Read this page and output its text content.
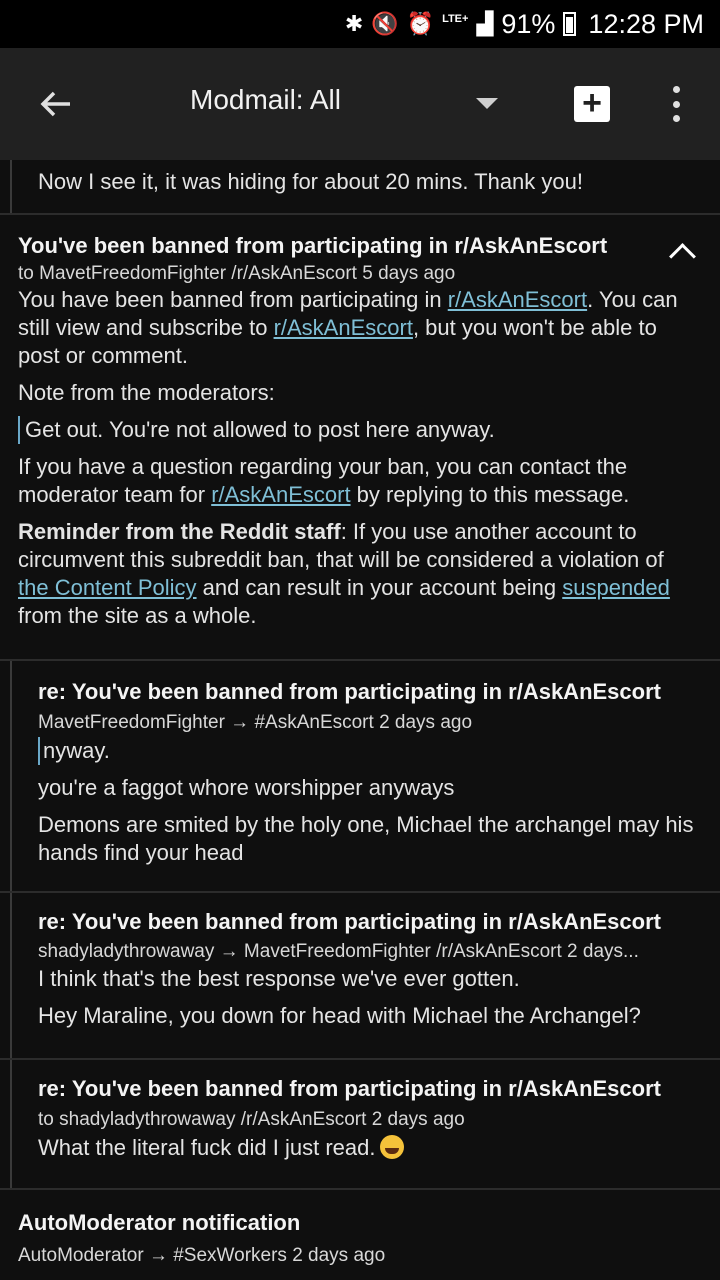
✱ 🔇 ⏰ LTE+ ▟ 91% 12:28 PM
Modmail: All	+
Now I see it, it was hiding for about 20 mins. Thank you!
You've been banned from participating in r/AskAnEscort
to MavetFreedomFighter /r/AskAnEscort 5 days ago
You have been banned from participating in r/AskAnEscort. You can still view and subscribe to r/AskAnEscort, but you won't be able to post or comment.
Note from the moderators:
Get out. You're not allowed to post here anyway.
If you have a question regarding your ban, you can contact the moderator team for r/AskAnEscort by replying to this message.
Reminder from the Reddit staff: If you use another account to circumvent this subreddit ban, that will be considered a violation of the Content Policy and can result in your account being suspended from the site as a whole.
re: You've been banned from participating in r/AskAnEscort
MavetFreedomFighter → #AskAnEscort 2 days ago
nyway.
you're a faggot whore worshipper anyways
Demons are smited by the holy one, Michael the archangel may his hands find your head
re: You've been banned from participating in r/AskAnEscort
shadyladythrowaway → MavetFreedomFighter /r/AskAnEscort 2 days...
I think that's the best response we've ever gotten.
Hey Maraline, you down for head with Michael the Archangel?
re: You've been banned from participating in r/AskAnEscort
to shadyladythrowaway /r/AskAnEscort 2 days ago
What the literal fuck did I just read.
AutoModerator notification
AutoModerator → #SexWorkers 2 days ago
